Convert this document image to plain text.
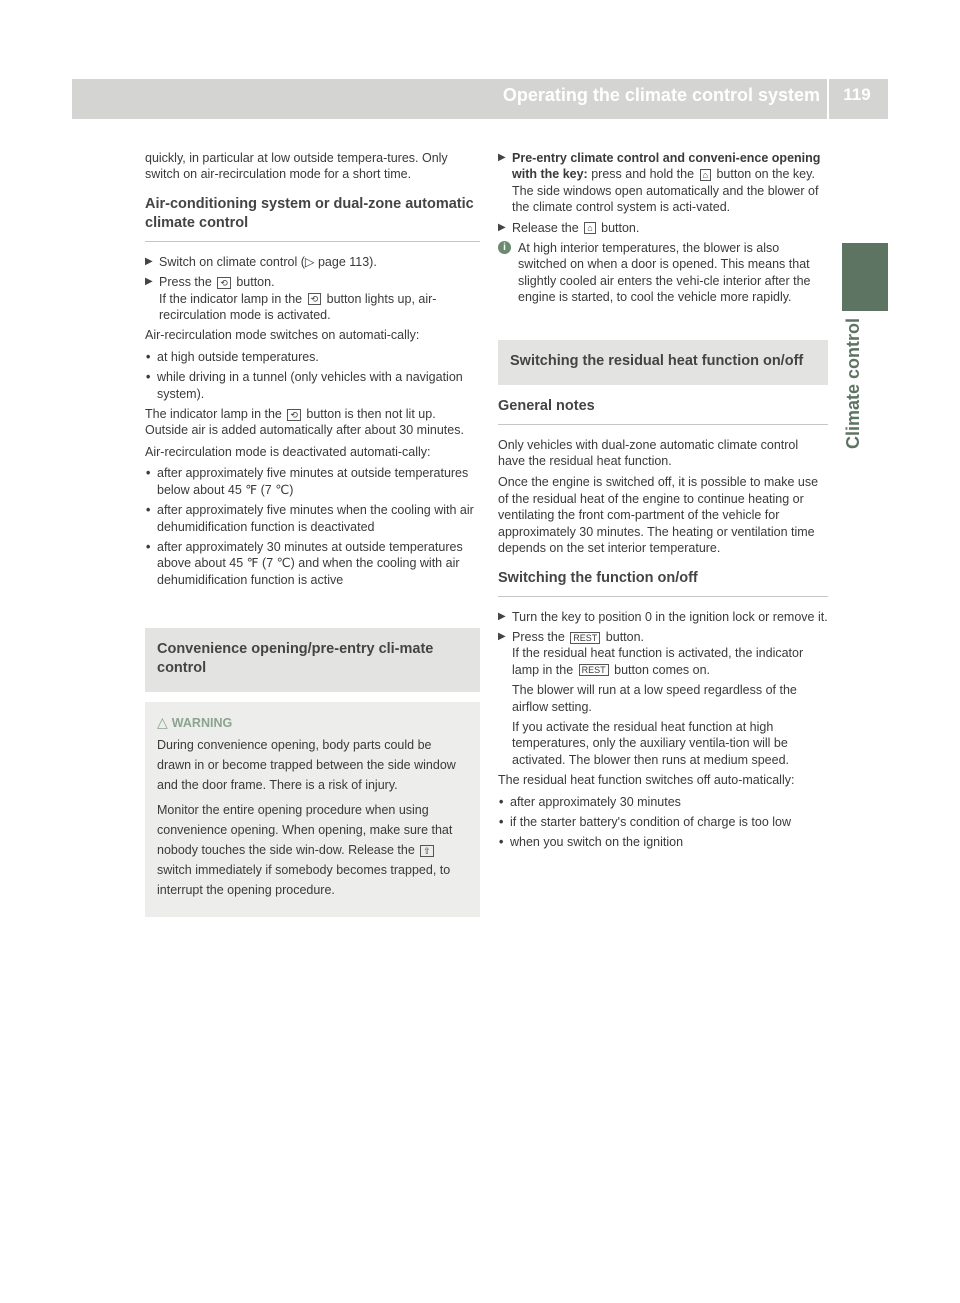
Operating the climate control system	119
Climate control

quickly, in particular at low outside tempera-tures. Only switch on air-recirculation mode for a short time.

Air-conditioning system or dual-zone automatic climate control
▶ Switch on climate control (▷ page 113).
▶ Press the ⟲ button.
If the indicator lamp in the ⟲ button lights up, air-recirculation mode is activated.

Air-recirculation mode switches on automati-cally:

• at high outside temperatures.
• while driving in a tunnel (only vehicles with a navigation system).

The indicator lamp in the ⟲ button is then not lit up. Outside air is added automatically after about 30 minutes.

Air-recirculation mode is deactivated automati-cally:

• after approximately five minutes at outside temperatures below about 45 ℉ (7 ℃)
• after approximately five minutes when the cooling with air dehumidification function is deactivated
• after approximately 30 minutes at outside temperatures above about 45 ℉ (7 ℃) and when the cooling with air dehumidification function is active
Convenience opening/pre-entry cli-mate control
△ WARNING

During convenience opening, body parts could be drawn in or become trapped between the side window and the door frame. There is a risk of injury.

Monitor the entire opening procedure when using convenience opening. When opening, make sure that nobody touches the side win-dow. Release the ⇧ switch immediately if somebody becomes trapped, to interrupt the opening procedure.

▶ Pre-entry climate control and conveni-ence opening with the key: press and hold the ⌂ button on the key.
The side windows open automatically and the blower of the climate control system is acti-vated.
▶ Release the ⌂ button.
i At high interior temperatures, the blower is also switched on when a door is opened. This means that slightly cooled air enters the vehi-cle interior after the engine is started, to cool the vehicle more rapidly.
Switching the residual heat function on/off
General notes

Only vehicles with dual-zone automatic climate control have the residual heat function.

Once the engine is switched off, it is possible to make use of the residual heat of the engine to continue heating or ventilating the front com-partment of the vehicle for approximately 30 minutes. The heating or ventilation time depends on the set interior temperature.

Switching the function on/off
▶ Turn the key to position 0 in the ignition lock or remove it.
▶ Press the REST button.
If the residual heat function is activated, the indicator lamp in the REST button comes on.

The blower will run at a low speed regardless of the airflow setting.

If you activate the residual heat function at high temperatures, only the auxiliary ventila-tion will be activated. The blower then runs at medium speed.

The residual heat function switches off auto-matically:

• after approximately 30 minutes
• if the starter battery's condition of charge is too low
• when you switch on the ignition
